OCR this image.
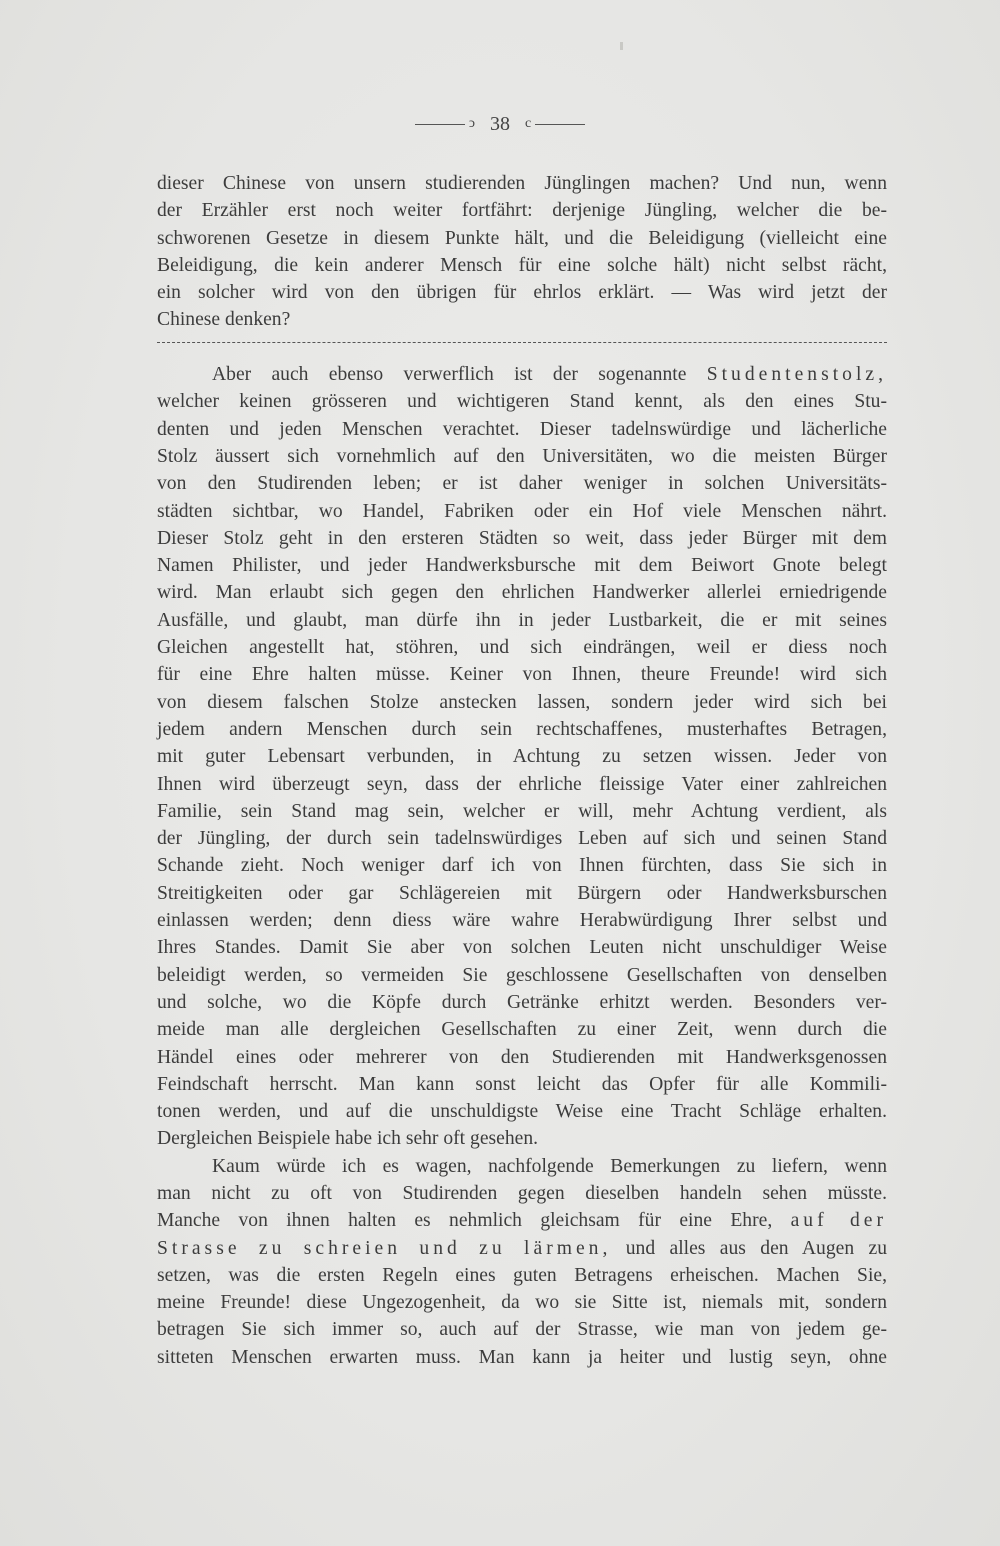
ↄ 38 c

dieser Chinese von unsern studierenden Jünglingen machen? Und nun, wenn

der Erzähler erst noch weiter fortfährt: derjenige Jüngling, welcher die be-

schworenen Gesetze in diesem Punkte hält, und die Beleidigung (vielleicht eine

Beleidigung, die kein anderer Mensch für eine solche hält) nicht selbst rächt,

ein solcher wird von den übrigen für ehrlos erklärt. — Was wird jetzt der

Chinese denken?

Aber auch ebenso verwerflich ist der sogenannte Studentenstolz,

welcher keinen grösseren und wichtigeren Stand kennt, als den eines Stu-

denten und jeden Menschen verachtet. Dieser tadelnswürdige und lächerliche

Stolz äussert sich vornehmlich auf den Universitäten, wo die meisten Bürger

von den Studirenden leben; er ist daher weniger in solchen Universitäts-

städten sichtbar, wo Handel, Fabriken oder ein Hof viele Menschen nährt.

Dieser Stolz geht in den ersteren Städten so weit, dass jeder Bürger mit dem

Namen Philister, und jeder Handwerksbursche mit dem Beiwort Gnote belegt

wird. Man erlaubt sich gegen den ehrlichen Handwerker allerlei erniedrigende

Ausfälle, und glaubt, man dürfe ihn in jeder Lustbarkeit, die er mit seines

Gleichen angestellt hat, stöhren, und sich eindrängen, weil er diess noch

für eine Ehre halten müsse. Keiner von Ihnen, theure Freunde! wird sich

von diesem falschen Stolze anstecken lassen, sondern jeder wird sich bei

jedem andern Menschen durch sein rechtschaffenes, musterhaftes Betragen,

mit guter Lebensart verbunden, in Achtung zu setzen wissen. Jeder von

Ihnen wird überzeugt seyn, dass der ehrliche fleissige Vater einer zahlreichen

Familie, sein Stand mag sein, welcher er will, mehr Achtung verdient, als

der Jüngling, der durch sein tadelnswürdiges Leben auf sich und seinen Stand

Schande zieht. Noch weniger darf ich von Ihnen fürchten, dass Sie sich in

Streitigkeiten oder gar Schlägereien mit Bürgern oder Handwerksburschen

einlassen werden; denn diess wäre wahre Herabwürdigung Ihrer selbst und

Ihres Standes. Damit Sie aber von solchen Leuten nicht unschuldiger Weise

beleidigt werden, so vermeiden Sie geschlossene Gesellschaften von denselben

und solche, wo die Köpfe durch Getränke erhitzt werden. Besonders ver-

meide man alle dergleichen Gesellschaften zu einer Zeit, wenn durch die

Händel eines oder mehrerer von den Studierenden mit Handwerksgenossen

Feindschaft herrscht. Man kann sonst leicht das Opfer für alle Kommili-

tonen werden, und auf die unschuldigste Weise eine Tracht Schläge erhalten.

Dergleichen Beispiele habe ich sehr oft gesehen.

Kaum würde ich es wagen, nachfolgende Bemerkungen zu liefern, wenn

man nicht zu oft von Studirenden gegen dieselben handeln sehen müsste.

Manche von ihnen halten es nehmlich gleichsam für eine Ehre, auf der

Strasse zu schreien und zu lärmen, und alles aus den Augen zu

setzen, was die ersten Regeln eines guten Betragens erheischen. Machen Sie,

meine Freunde! diese Ungezogenheit, da wo sie Sitte ist, niemals mit, sondern

betragen Sie sich immer so, auch auf der Strasse, wie man von jedem ge-

sitteten Menschen erwarten muss. Man kann ja heiter und lustig seyn, ohne
